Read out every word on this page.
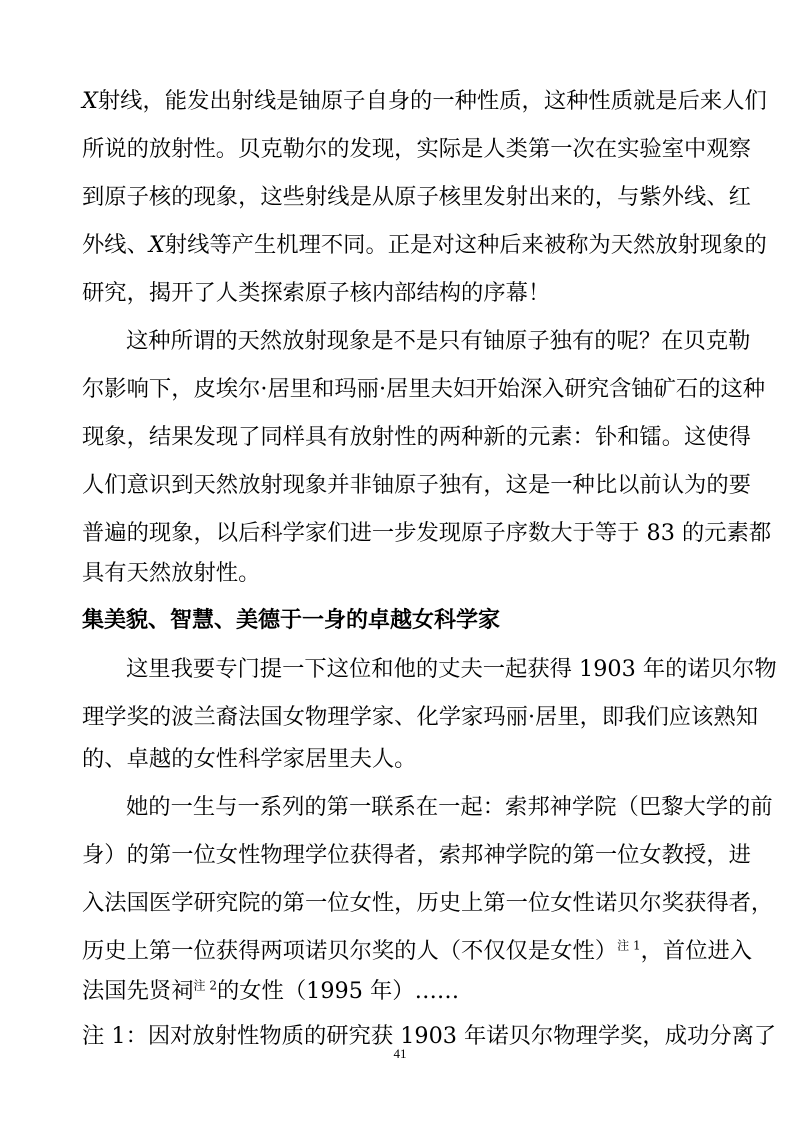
X射线，能发出射线是铀原子自身的一种性质，这种性质就是后来人们
所说的放射性。贝克勒尔的发现，实际是人类第一次在实验室中观察
到原子核的现象，这些射线是从原子核里发射出来的，与紫外线、红
外线、X射线等产生机理不同。正是对这种后来被称为天然放射现象的
研究，揭开了人类探索原子核内部结构的序幕！
这种所谓的天然放射现象是不是只有铀原子独有的呢？在贝克勒
尔影响下，皮埃尔·居里和玛丽·居里夫妇开始深入研究含铀矿石的这种
现象，结果发现了同样具有放射性的两种新的元素：钋和镭。这使得
人们意识到天然放射现象并非铀原子独有，这是一种比以前认为的要
普遍的现象，以后科学家们进一步发现原子序数大于等于 83 的元素都
具有天然放射性。
集美貌、智慧、美德于一身的卓越女科学家
这里我要专门提一下这位和他的丈夫一起获得 1903 年的诺贝尔物
理学奖的波兰裔法国女物理学家、化学家玛丽·居里，即我们应该熟知
的、卓越的女性科学家居里夫人。
她的一生与一系列的第一联系在一起：索邦神学院（巴黎大学的前
身）的第一位女性物理学位获得者，索邦神学院的第一位女教授，进
入法国医学研究院的第一位女性，历史上第一位女性诺贝尔奖获得者，
历史上第一位获得两项诺贝尔奖的人（不仅仅是女性）$^{注 1}$，首位进入
法国先贤祠$^{注 2}$的女性（1995 年）……
注 1：因对放射性物质的研究获 1903 年诺贝尔物理学奖，成功分离了
41
